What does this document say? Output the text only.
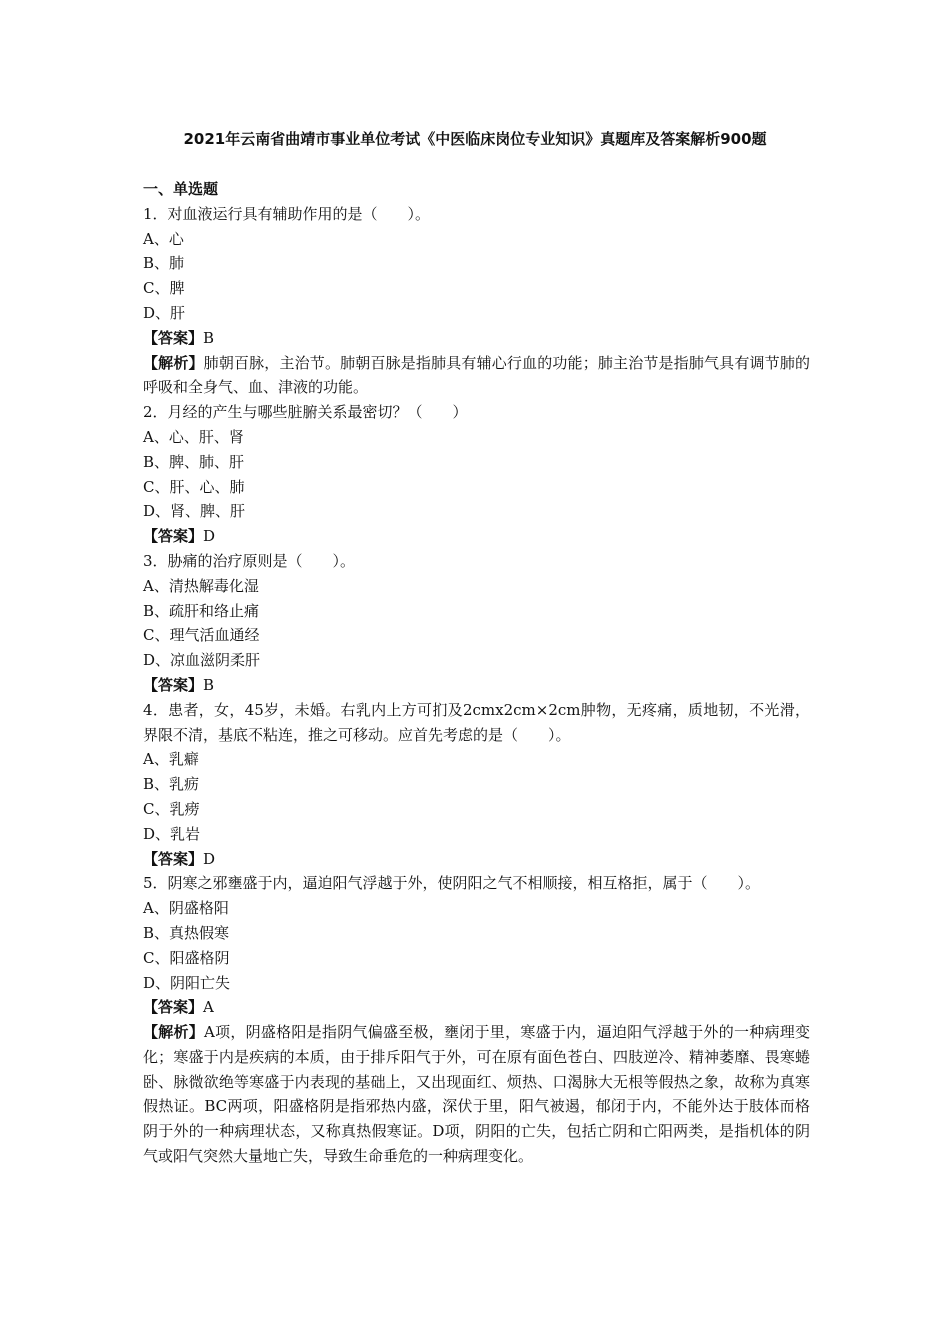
2021年云南省曲靖市事业单位考试《中医临床岗位专业知识》真题库及答案解析900题
一、单选题
1．对血液运行具有辅助作用的是（　　）。
A、心
B、肺
C、脾
D、肝
【答案】B
【解析】肺朝百脉，主治节。肺朝百脉是指肺具有辅心行血的功能；肺主治节是指肺气具有调节肺的呼吸和全身气、血、津液的功能。
2．月经的产生与哪些脏腑关系最密切？（　　）
A、心、肝、肾
B、脾、肺、肝
C、肝、心、肺
D、肾、脾、肝
【答案】D
3．胁痛的治疗原则是（　　）。
A、清热解毒化湿
B、疏肝和络止痛
C、理气活血通经
D、凉血滋阴柔肝
【答案】B
4．患者，女，45岁，未婚。右乳内上方可扪及2cmx2cm×2cm肿物，无疼痛，质地韧，不光滑，界限不清，基底不粘连，推之可移动。应首先考虑的是（　　）。
A、乳癖
B、乳疬
C、乳痨
D、乳岩
【答案】D
5．阴寒之邪壅盛于内，逼迫阳气浮越于外，使阴阳之气不相顺接，相互格拒，属于（　　）。
A、阴盛格阳
B、真热假寒
C、阳盛格阴
D、阴阳亡失
【答案】A
【解析】A项，阴盛格阳是指阴气偏盛至极，壅闭于里，寒盛于内，逼迫阳气浮越于外的一种病理变化；寒盛于内是疾病的本质，由于排斥阳气于外，可在原有面色苍白、四肢逆冷、精神萎靡、畏寒蜷卧、脉微欲绝等寒盛于内表现的基础上，又出现面红、烦热、口渴脉大无根等假热之象，故称为真寒假热证。BC两项，阳盛格阴是指邪热内盛，深伏于里，阳气被遏，郁闭于内，不能外达于肢体而格阴于外的一种病理状态，又称真热假寒证。D项，阴阳的亡失，包括亡阴和亡阳两类，是指机体的阴气或阳气突然大量地亡失，导致生命垂危的一种病理变化。
